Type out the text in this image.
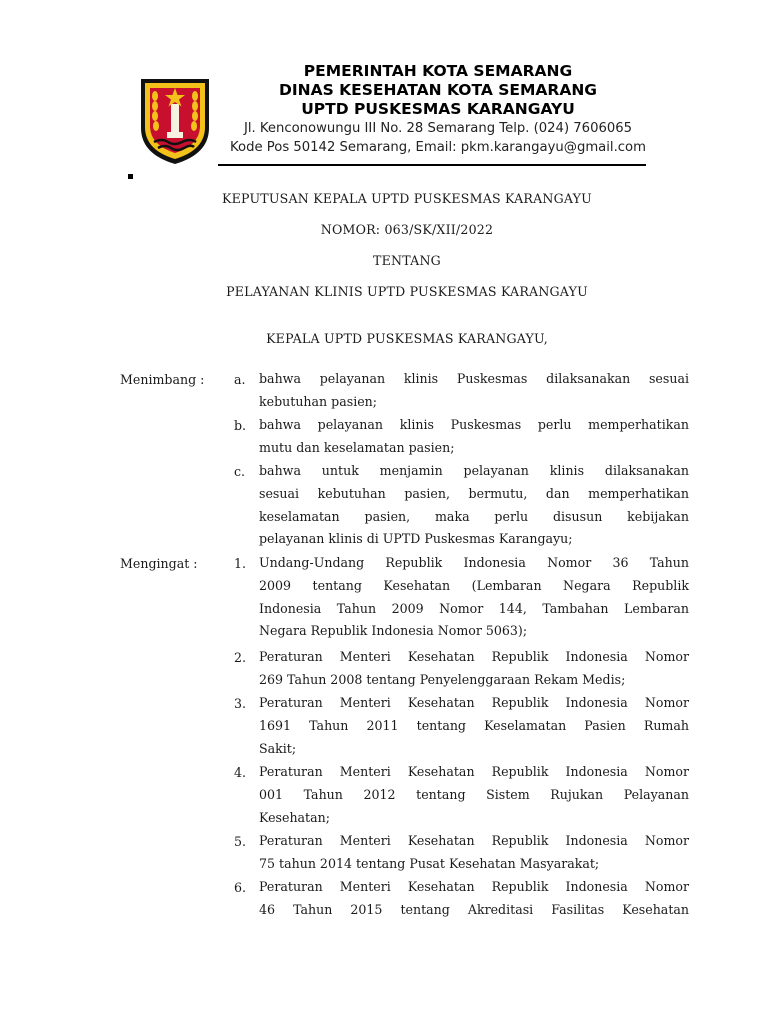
PEMERINTAH KOTA SEMARANG
DINAS KESEHATAN KOTA SEMARANG
UPTD PUSKESMAS KARANGAYU
Jl. Kenconowungu III No. 28 Semarang Telp. (024) 7606065
Kode Pos 50142 Semarang, Email: pkm.karangayu@gmail.com
KEPUTUSAN KEPALA UPTD PUSKESMAS KARANGAYU
NOMOR: 063/SK/XII/2022
TENTANG
PELAYANAN KLINIS UPTD PUSKESMAS KARANGAYU
KEPALA UPTD PUSKESMAS KARANGAYU,
Menimbang : a.	bahwa pelayanan klinis Puskesmas dilaksanakan sesuai
kebutuhan pasien;
b.	bahwa pelayanan klinis Puskesmas perlu memperhatikan
mutu dan keselamatan pasien;
c.	bahwa untuk menjamin pelayanan klinis dilaksanakan
sesuai kebutuhan pasien, bermutu, dan memperhatikan
keselamatan pasien, maka perlu disusun kebijakan
pelayanan klinis di UPTD Puskesmas Karangayu;
Mengingat :	1.	Undang-Undang Republik Indonesia Nomor 36 Tahun
2009 tentang Kesehatan (Lembaran Negara Republik
Indonesia Tahun 2009 Nomor 144, Tambahan Lembaran
Negara Republik Indonesia Nomor 5063);
2.	Peraturan Menteri Kesehatan Republik Indonesia Nomor
269 Tahun 2008 tentang Penyelenggaraan Rekam Medis;
3.	Peraturan Menteri Kesehatan Republik Indonesia Nomor
1691 Tahun 2011 tentang Keselamatan Pasien Rumah
Sakit;
4.	Peraturan Menteri Kesehatan Republik Indonesia Nomor
001 Tahun 2012 tentang Sistem Rujukan Pelayanan
Kesehatan;
5.	Peraturan Menteri Kesehatan Republik Indonesia Nomor
75 tahun 2014 tentang Pusat Kesehatan Masyarakat;
6.	Peraturan Menteri Kesehatan Republik Indonesia Nomor
46 Tahun 2015 tentang Akreditasi Fasilitas Kesehatan
